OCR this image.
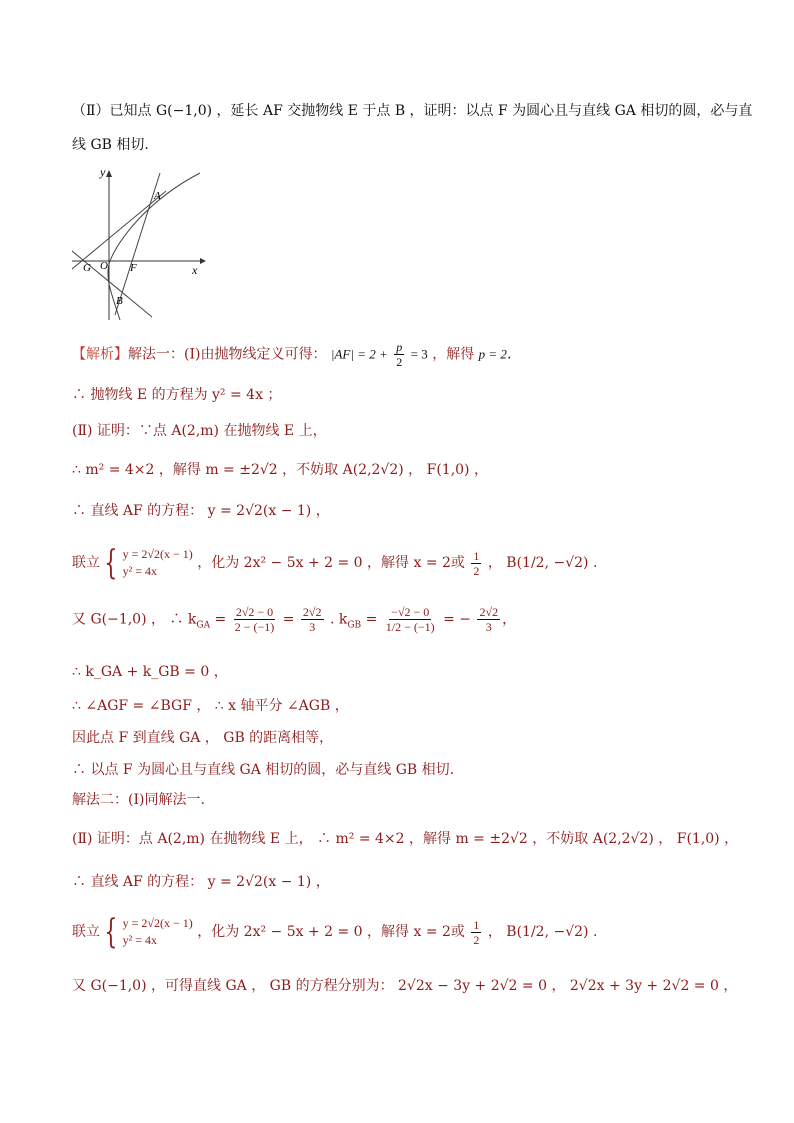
（Ⅱ）已知点 G(−1,0) ，延长 AF 交抛物线 E 于点 B ，证明：以点 F 为圆心且与直线 GA 相切的圆，必与直
线 GB 相切.
y
x
A
B
G O F
【解析】解法一：(Ⅰ)由抛物线定义可得： $|AF| = 2 + \frac{p}{2} = 3$ ，解得 p = 2.
∴ 抛物线 E 的方程为 y² = 4x ；
(Ⅱ) 证明：∵点 A(2,m) 在抛物线 E 上，
∴ m² = 4×2 ，解得 m = ±2√2 ，不妨取 A(2,2√2) ， F(1,0) ，
∴ 直线 AF 的方程： y = 2√2(x − 1) ，
联立 { y = 2√2(x − 1)
y² = 4x	，化为 2x² − 5x + 2 = 0 ，解得 x = 2或 $\frac{1}{2}$ ， B(1/2, −√2) .
又 G(−1,0) ， ∴ $k_{GA} = \frac{2√2 - 0}{2 - (-1)} = \frac{2√2}{3}$ . $k_{GB} = \frac{-√2 - 0}{1/2 - (-1)}$ = − $\frac{2√2}{3}$ ，
∴ k_GA + k_GB = 0 ，
∴ ∠AGF = ∠BGF ， ∴ x 轴平分 ∠AGB ，
因此点 F 到直线 GA ， GB 的距离相等，
∴ 以点 F 为圆心且与直线 GA 相切的圆，必与直线 GB 相切.
解法二：(Ⅰ)同解法一.
(Ⅱ) 证明：点 A(2,m) 在抛物线 E 上， ∴ m² = 4×2 ，解得 m = ±2√2 ，不妨取 A(2,2√2) ， F(1,0) ，
∴ 直线 AF 的方程： y = 2√2(x − 1) ，
联立 { y = 2√2(x − 1)
y² = 4x	，化为 2x² − 5x + 2 = 0 ，解得 x = 2或 $\frac{1}{2}$ ， B(1/2, −√2) .
又 G(−1,0) ，可得直线 GA ， GB 的方程分别为： 2√2x − 3y + 2√2 = 0 ， 2√2x + 3y + 2√2 = 0 ，
